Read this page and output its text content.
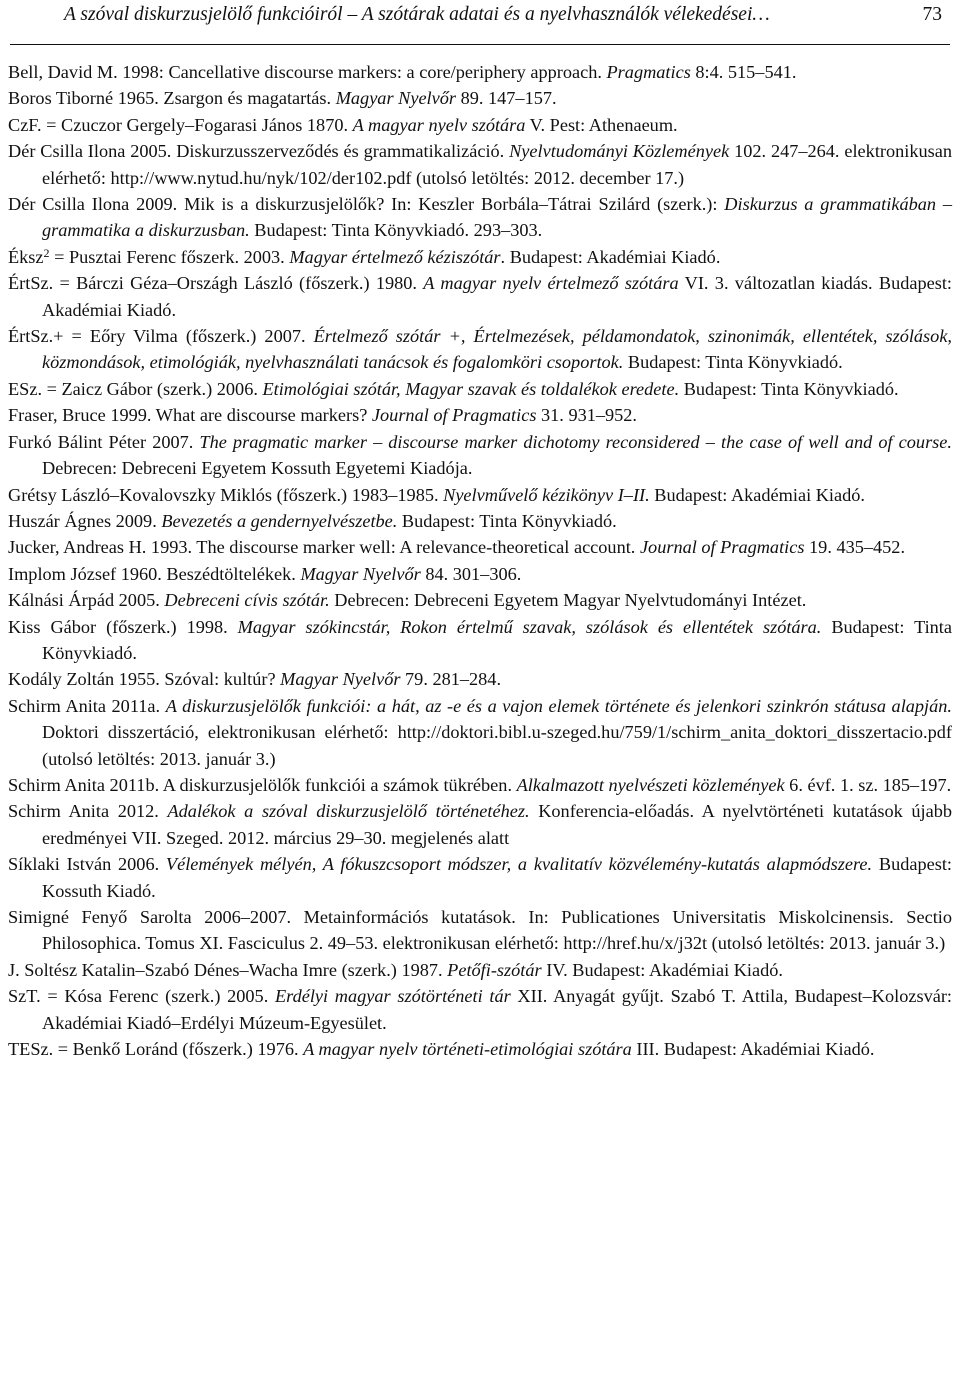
A szóval diskurzusjelölő funkcióiról – A szótárak adatai és a nyelvhasználók vélekedései…	73

Bell, David M. 1998: Cancellative discourse markers: a core/periphery approach. Pragmatics 8:4. 515–541.

Boros Tiborné 1965. Zsargon és magatartás. Magyar Nyelvőr 89. 147–157.

CzF. = Czuczor Gergely–Fogarasi János 1870. A magyar nyelv szótára V. Pest: Athenaeum.

Dér Csilla Ilona 2005. Diskurzusszerveződés és grammatikalizáció. Nyelvtudományi Közlemények 102. 247–264. elektronikusan elérhető: http://www.nytud.hu/nyk/102/der102.pdf (utolsó letöltés: 2012. december 17.)

Dér Csilla Ilona 2009. Mik is a diskurzusjelölők? In: Keszler Borbála–Tátrai Szilárd (szerk.): Diskurzus a grammatikában – grammatika a diskurzusban. Budapest: Tinta Könyvkiadó. 293–303.

Éksz$^2$ = Pusztai Ferenc főszerk. 2003. Magyar értelmező kéziszótár. Budapest: Akadémiai Kiadó.

ÉrtSz. = Bárczi Géza–Országh László (főszerk.) 1980. A magyar nyelv értelmező szótára VI. 3. változatlan kiadás. Budapest: Akadémiai Kiadó.

ÉrtSz.+ = Eőry Vilma (főszerk.) 2007. Értelmező szótár +, Értelmezések, példamondatok, szinonimák, ellentétek, szólások, közmondások, etimológiák, nyelvhasználati tanácsok és fogalomköri csoportok. Budapest: Tinta Könyvkiadó.

ESz. = Zaicz Gábor (szerk.) 2006. Etimológiai szótár, Magyar szavak és toldalékok eredete. Budapest: Tinta Könyvkiadó.

Fraser, Bruce 1999. What are discourse markers? Journal of Pragmatics 31. 931–952.

Furkó Bálint Péter 2007. The pragmatic marker – discourse marker dichotomy reconsidered – the case of well and of course. Debrecen: Debreceni Egyetem Kossuth Egyetemi Kiadója.

Grétsy László–Kovalovszky Miklós (főszerk.) 1983–1985. Nyelvművelő kézikönyv I–II. Budapest: Akadémiai Kiadó.

Huszár Ágnes 2009. Bevezetés a gendernyelvészetbe. Budapest: Tinta Könyvkiadó.

Jucker, Andreas H. 1993. The discourse marker well: A relevance-theoretical account. Journal of Pragmatics 19. 435–452.

Implom József 1960. Beszédtöltelékek. Magyar Nyelvőr 84. 301–306.

Kálnási Árpád 2005. Debreceni cívis szótár. Debrecen: Debreceni Egyetem Magyar Nyelvtudományi Intézet.

Kiss Gábor (főszerk.) 1998. Magyar szókincstár, Rokon értelmű szavak, szólások és ellentétek szótára. Budapest: Tinta Könyvkiadó.

Kodály Zoltán 1955. Szóval: kultúr? Magyar Nyelvőr 79. 281–284.

Schirm Anita 2011a. A diskurzusjelölők funkciói: a hát, az -e és a vajon elemek története és jelenkori szinkrón státusa alapján. Doktori disszertáció, elektronikusan elérhető: http://doktori.bibl.u-szeged.hu/759/1/schirm_anita_doktori_disszertacio.pdf (utolsó letöltés: 2013. január 3.)

Schirm Anita 2011b. A diskurzusjelölők funkciói a számok tükrében. Alkalmazott nyelvészeti közlemények 6. évf. 1. sz. 185–197.

Schirm Anita 2012. Adalékok a szóval diskurzusjelölő történetéhez. Konferencia-előadás. A nyelvtörténeti kutatások újabb eredményei VII. Szeged. 2012. március 29–30. megjelenés alatt

Síklaki István 2006. Vélemények mélyén, A fókuszcsoport módszer, a kvalitatív közvélemény-kutatás alapmódszere. Budapest: Kossuth Kiadó.

Simigné Fenyő Sarolta 2006–2007. Metainformációs kutatások. In: Publicationes Universitatis Miskolcinensis. Sectio Philosophica. Tomus XI. Fasciculus 2. 49–53. elektronikusan elérhető: http://href.hu/x/j32t (utolsó letöltés: 2013. január 3.)

J. Soltész Katalin–Szabó Dénes–Wacha Imre (szerk.) 1987. Petőfi-szótár IV. Budapest: Akadémiai Kiadó.

SzT. = Kósa Ferenc (szerk.) 2005. Erdélyi magyar szótörténeti tár XII. Anyagát gyűjt. Szabó T. Attila, Budapest–Kolozsvár: Akadémiai Kiadó–Erdélyi Múzeum-Egyesület.

TESz. = Benkő Loránd (főszerk.) 1976. A magyar nyelv történeti-etimológiai szótára III. Budapest: Akadémiai Kiadó.
